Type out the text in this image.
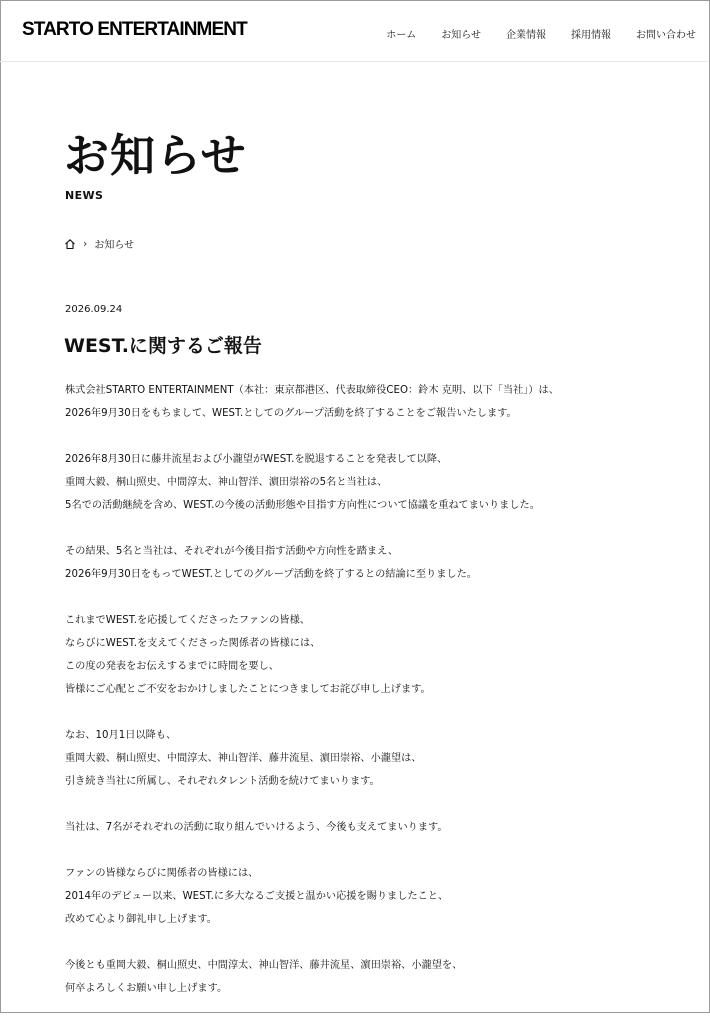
STARTO ENTERTAINMENT	ホーム	お知らせ	企業情報	採用情報	お問い合わせ
お知らせ
NEWS
› お知らせ
2026.09.24
WEST.に関するご報告

株式会社STARTO ENTERTAINMENT（本社：東京都港区、代表取締役CEO：鈴木 克明、以下「当社」）は、
2026年9月30日をもちまして、WEST.としてのグループ活動を終了することをご報告いたします。

2026年8月30日に藤井流星および小瀧望がWEST.を脱退することを発表して以降、
重岡大毅、桐山照史、中間淳太、神山智洋、濵田崇裕の5名と当社は、
5名での活動継続を含め、WEST.の今後の活動形態や目指す方向性について協議を重ねてまいりました。

その結果、5名と当社は、それぞれが今後目指す活動や方向性を踏まえ、
2026年9月30日をもってWEST.としてのグループ活動を終了するとの結論に至りました。

これまでWEST.を応援してくださったファンの皆様、
ならびにWEST.を支えてくださった関係者の皆様には、
この度の発表をお伝えするまでに時間を要し、
皆様にご心配とご不安をおかけしましたことにつきましてお詫び申し上げます。

なお、10月1日以降も、
重岡大毅、桐山照史、中間淳太、神山智洋、藤井流星、濵田崇裕、小瀧望は、
引き続き当社に所属し、それぞれタレント活動を続けてまいります。

当社は、7名がそれぞれの活動に取り組んでいけるよう、今後も支えてまいります。

ファンの皆様ならびに関係者の皆様には、
2014年のデビュー以来、WEST.に多大なるご支援と温かい応援を賜りましたこと、
改めて心より御礼申し上げます。

今後とも重岡大毅、桐山照史、中間淳太、神山智洋、藤井流星、濵田崇裕、小瀧望を、
何卒よろしくお願い申し上げます。
